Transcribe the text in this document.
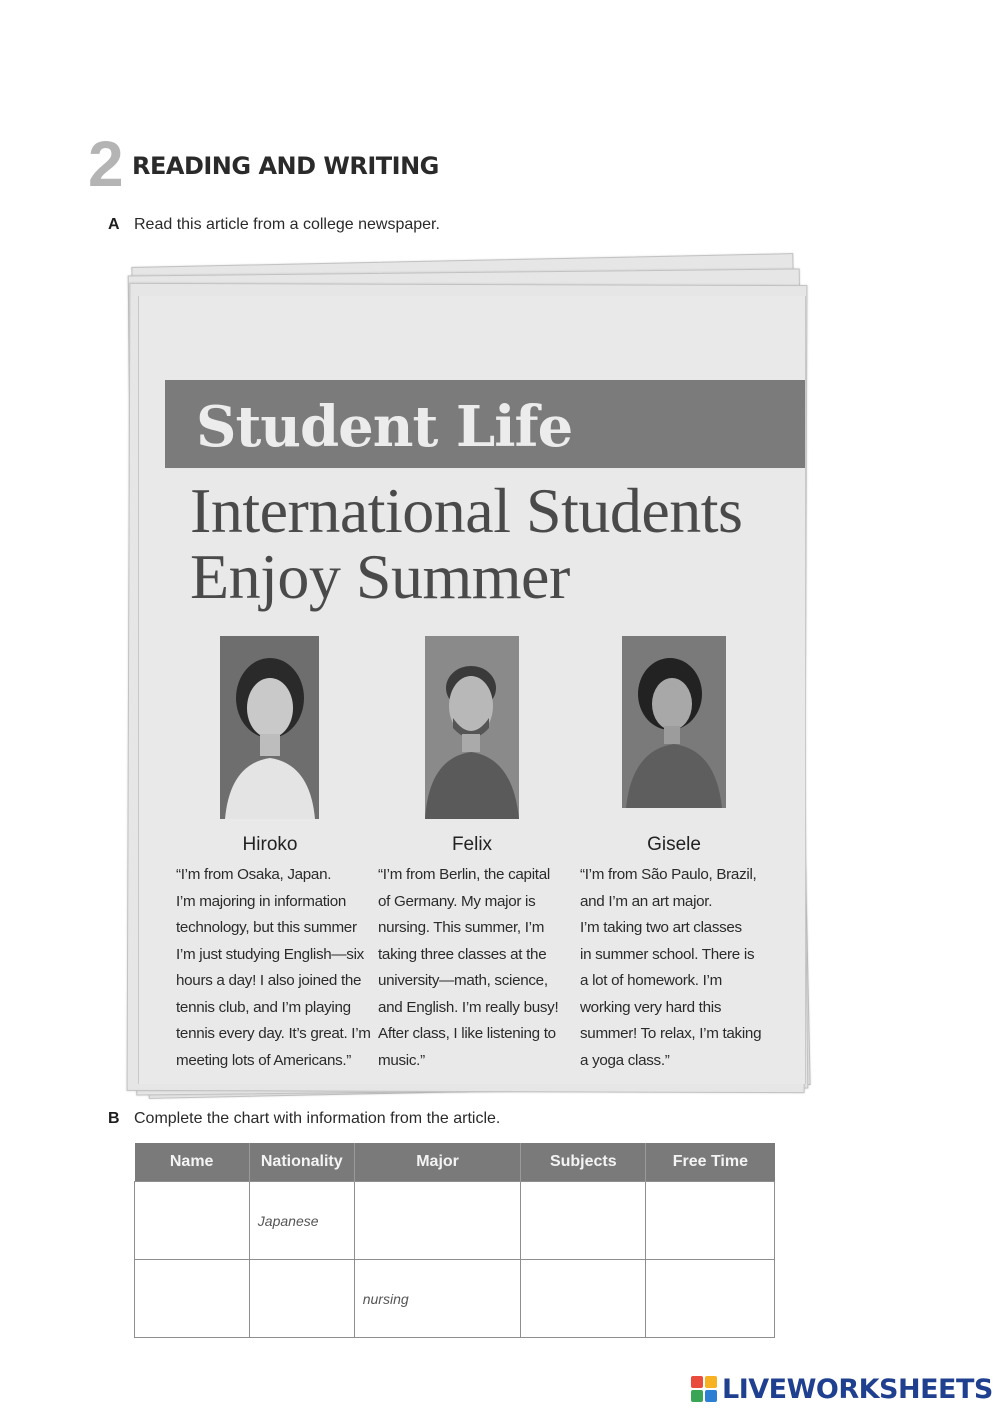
2 READING AND WRITING
A Read this article from a college newspaper.
Student Life
International Students
Enjoy Summer
Hiroko	Felix	Gisele
“I’m from Osaka, Japan.
I’m majoring in information
technology, but this summer
I’m just studying English—six
hours a day! I also joined the
tennis club, and I’m playing
tennis every day. It’s great. I’m
meeting lots of Americans.”
“I’m from Berlin, the capital
of Germany. My major is
nursing. This summer, I’m
taking three classes at the
university—math, science,
and English. I’m really busy!
After class, I like listening to
music.”
“I’m from São Paulo, Brazil,
and I’m an art major.
I’m taking two art classes
in summer school. There is
a lot of homework. I’m
working very hard this
summer! To relax, I’m taking
a yoga class.”
B Complete the chart with information from the article.
Name	Nationality	Major	Subjects	Free Time
	Japanese			
		nursing		
LIVEWORKSHEETS
